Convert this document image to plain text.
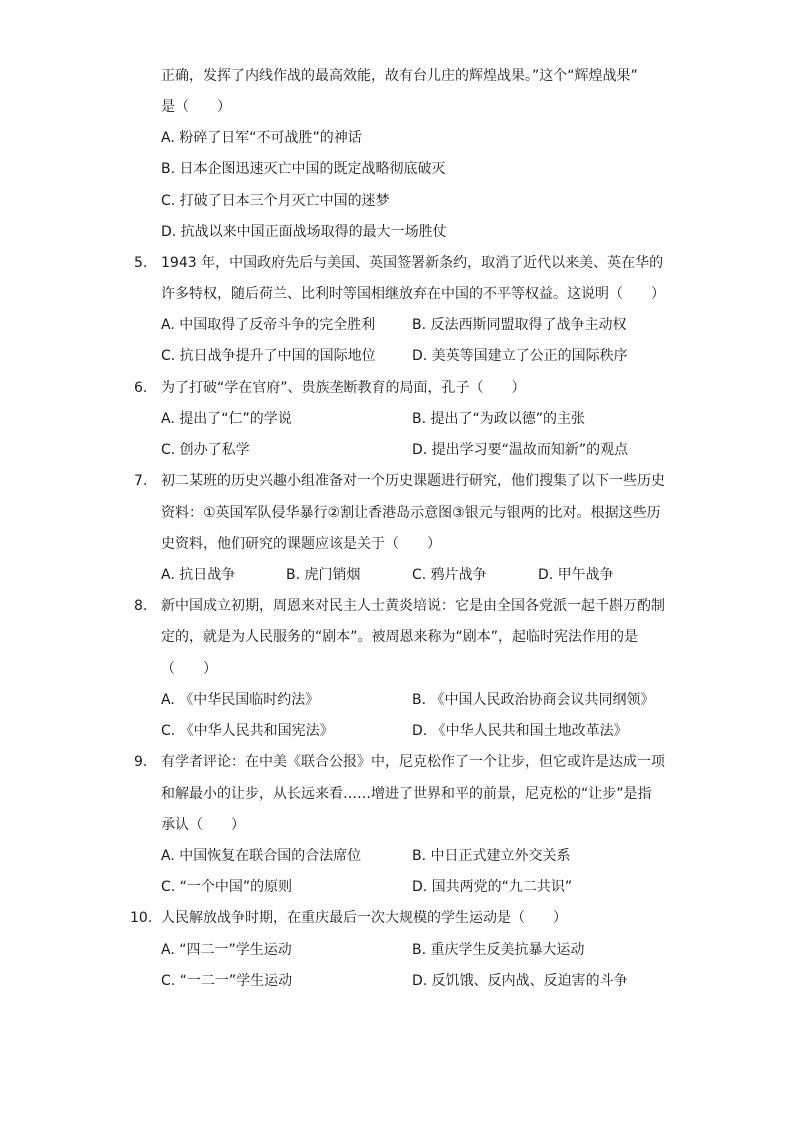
正确，发挥了内线作战的最高效能，故有台儿庄的辉煌战果。”这个“辉煌战果”
是（　　）
A. 粉碎了日军“不可战胜”的神话
B. 日本企图迅速灭亡中国的既定战略彻底破灭
C. 打破了日本三个月灭亡中国的迷梦
D. 抗战以来中国正面战场取得的最大一场胜仗
5. 1943 年，中国政府先后与美国、英国签署新条约，取消了近代以来美、英在华的
许多特权，随后荷兰、比利时等国相继放弃在中国的不平等权益。这说明（　　）
A. 中国取得了反帝斗争的完全胜利	B. 反法西斯同盟取得了战争主动权
C. 抗日战争提升了中国的国际地位	D. 美英等国建立了公正的国际秩序
6. 为了打破“学在官府”、贵族垄断教育的局面，孔子（　　）
A. 提出了“仁”的学说	B. 提出了“为政以德”的主张
C. 创办了私学	D. 提出学习要“温故而知新”的观点
7. 初二某班的历史兴趣小组准备对一个历史课题进行研究，他们搜集了以下一些历史
资料：①英国军队侵华暴行②割让香港岛示意图③银元与银两的比对。根据这些历
史资料，他们研究的课题应该是关于（　　）
A. 抗日战争	B. 虎门销烟	C. 鸦片战争	D. 甲午战争
8. 新中国成立初期，周恩来对民主人士黄炎培说：它是由全国各党派一起千斟万酌制
定的，就是为人民服务的“剧本”。被周恩来称为“剧本”，起临时宪法作用的是
（　　）
A. 《中华民国临时约法》	B. 《中国人民政治协商会议共同纲领》
C. 《中华人民共和国宪法》	D. 《中华人民共和国土地改革法》
9. 有学者评论：在中美《联合公报》中，尼克松作了一个让步，但它或许是达成一项
和解最小的让步，从长远来看……增进了世界和平的前景，尼克松的“让步”是指
承认（　　）
A. 中国恢复在联合国的合法席位	B. 中日正式建立外交关系
C. “一个中国”的原则	D. 国共两党的“九二共识”
10. 人民解放战争时期，在重庆最后一次大规模的学生运动是（　　）
A. “四二一”学生运动	B. 重庆学生反美抗暴大运动
C. “一二一”学生运动	D. 反饥饿、反内战、反迫害的斗争
